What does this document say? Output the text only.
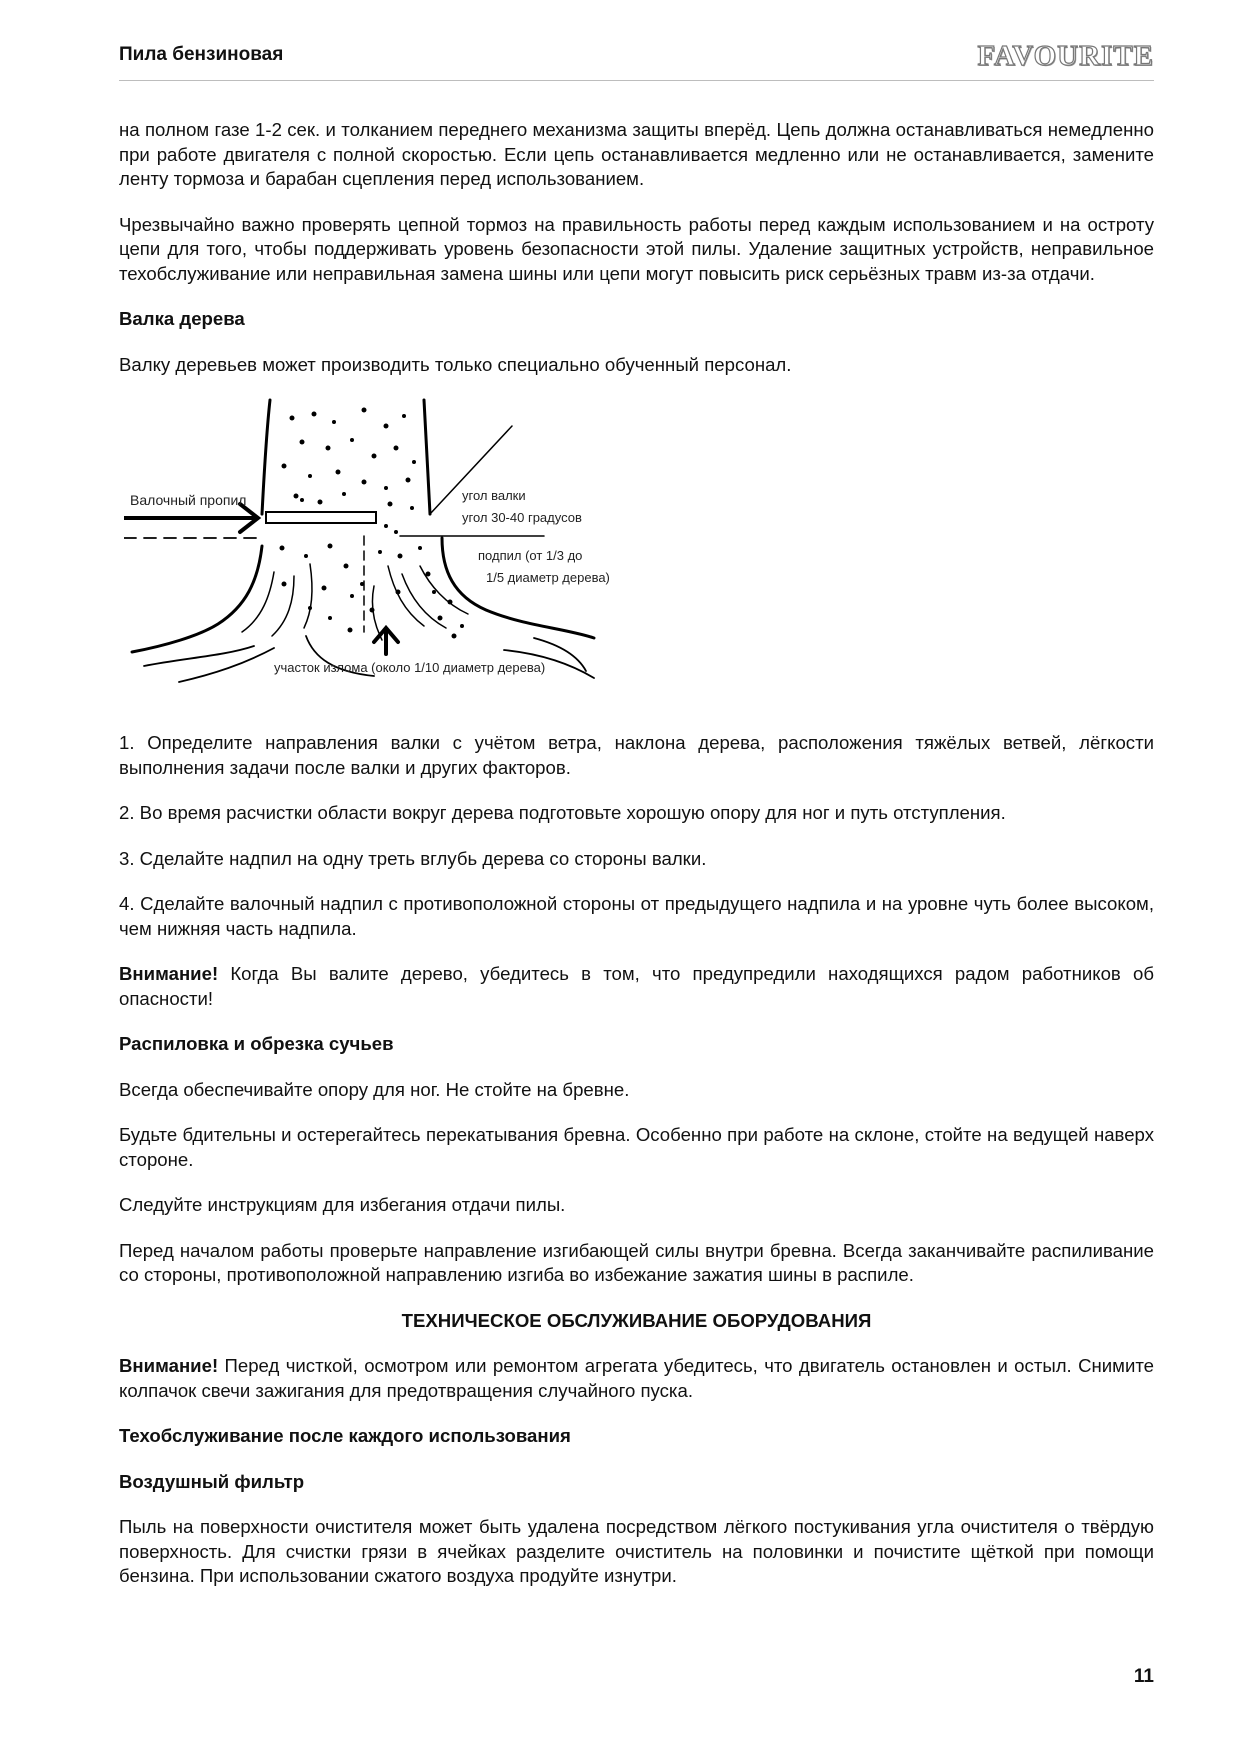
Пила бензиновая	FAVOURITE

на полном газе 1-2 сек. и толканием переднего механизма защиты вперёд. Цепь должна останавливаться немедленно при работе двигателя с полной скоростью. Если цепь останавливается медленно или не останавливается, замените ленту тормоза и барабан сцепления перед использованием.

Чрезвычайно важно проверять цепной тормоз на правильность работы перед каждым использованием и на остроту цепи для того, чтобы поддерживать уровень безопасности этой пилы. Удаление защитных устройств, неправильное техобслуживание или неправильная замена шины или цепи могут повысить риск серьёзных травм из-за отдачи.

Валка дерева

Валку деревьев может производить только специально обученный персонал.

Валочный пропил	угол валки
угол 30-40 градусов
подпил (от 1/3 до
1/5 диаметр дерева)
участок излома (около 1/10 диаметр дерева)

1. Определите направления валки с учётом ветра, наклона дерева, расположения тяжёлых ветвей, лёгкости выполнения задачи после валки и других факторов.

2. Во время расчистки области вокруг дерева подготовьте хорошую опору для ног и путь отступления.

3. Сделайте надпил на одну треть вглубь дерева со стороны валки.

4. Сделайте валочный надпил с противоположной стороны от предыдущего надпила и на уровне чуть более высоком, чем нижняя часть надпила.

Внимание! Когда Вы валите дерево, убедитесь в том, что предупредили находящихся радом работников об опасности!

Распиловка и обрезка сучьев

Всегда обеспечивайте опору для ног. Не стойте на бревне.

Будьте бдительны и остерегайтесь перекатывания бревна. Особенно при работе на склоне, стойте на ведущей наверх стороне.

Следуйте инструкциям для избегания отдачи пилы.

Перед началом работы проверьте направление изгибающей силы внутри бревна. Всегда заканчивайте распиливание со стороны, противоположной направлению изгиба во избежание зажатия шины в распиле.

ТЕХНИЧЕСКОЕ ОБСЛУЖИВАНИЕ ОБОРУДОВАНИЯ

Внимание! Перед чисткой, осмотром или ремонтом агрегата убедитесь, что двигатель остановлен и остыл. Снимите колпачок свечи зажигания для предотвращения случайного пуска.

Техобслуживание после каждого использования
Воздушный фильтр

Пыль на поверхности очистителя может быть удалена посредством лёгкого постукивания угла очистителя о твёрдую поверхность. Для счистки грязи в ячейках разделите очиститель на половинки и почистите щёткой при помощи бензина. При использовании сжатого воздуха продуйте изнутри.

11
